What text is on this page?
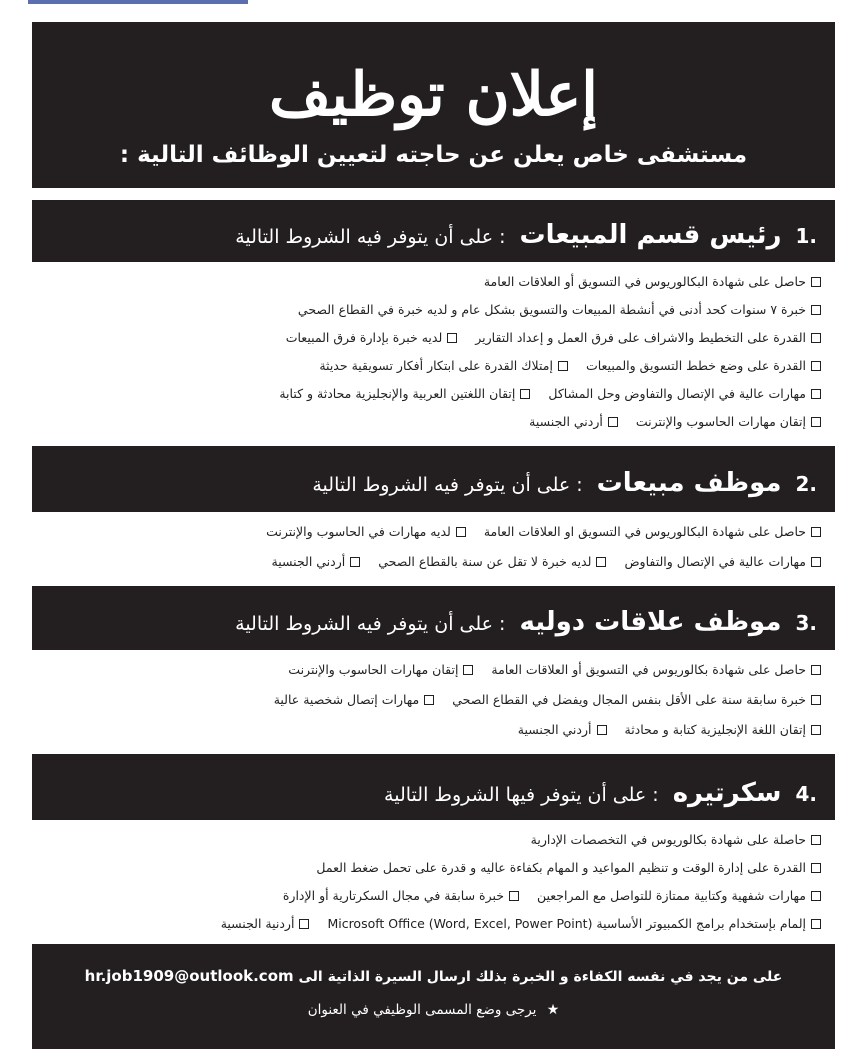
إعلان توظيف
مستشفى خاص يعلن عن حاجته لتعيين الوظائف التالية :
.1
رئيس قسم المبيعات
: على أن يتوفر فيه الشروط التالية
حاصل على شهادة البكالوريوس في التسويق أو العلاقات العامة
خبرة ٧ سنوات كحد أدنى في أنشطة المبيعات والتسويق بشكل عام و لديه خبرة في القطاع الصحي
القدرة على التخطيط والاشراف على فرق العمل و إعداد التقارير
لديه خبرة بإدارة فرق المبيعات
القدرة على وضع خطط التسويق والمبيعات
إمتلاك القدرة على ابتكار أفكار تسويقية حديثة
مهارات عالية في الإتصال والتفاوض وحل المشاكل
إتقان اللغتين العربية والإنجليزية محادثة و كتابة
إتقان مهارات الحاسوب والإنترنت
أردني الجنسية
.2
موظف مبيعات
: على أن يتوفر فيه الشروط التالية
حاصل على شهادة البكالوريوس في التسويق او العلاقات العامة
لديه مهارات في الحاسوب والإنترنت
مهارات عالية في الإتصال والتفاوض
لديه خبرة لا تقل عن سنة بالقطاع الصحي
أردني الجنسية
.3
موظف علاقات دوليه
: على أن يتوفر فيه الشروط التالية
حاصل على شهادة بكالوريوس في التسويق أو العلاقات العامة
إتقان مهارات الحاسوب والإنترنت
خبرة سابقة سنة على الأقل بنفس المجال ويفضل في القطاع الصحي
مهارات إتصال شخصية عالية
إتقان اللغة الإنجليزية كتابة و محادثة
أردني الجنسية
.4
سكرتيره
: على أن يتوفر فيها الشروط التالية
حاصلة على شهادة بكالوريوس في التخصصات الإدارية
القدرة على إدارة الوقت و تنظيم المواعيد و المهام بكفاءة عاليه و قدرة على تحمل ضغط العمل
مهارات شفهية وكتابية ممتازة للتواصل مع المراجعين
خبرة سابقة في مجال السكرتارية أو الإدارة
إلمام بإستخدام برامج الكمبيوتر الأساسية (Microsoft Office (Word, Excel, Power Point
أردنية الجنسية
على من يجد في نفسه الكفاءة و الخبرة بذلك ارسال السيرة الذاتية الى hr.job1909@outlook.com
★ يرجى وضع المسمى الوظيفي في العنوان
